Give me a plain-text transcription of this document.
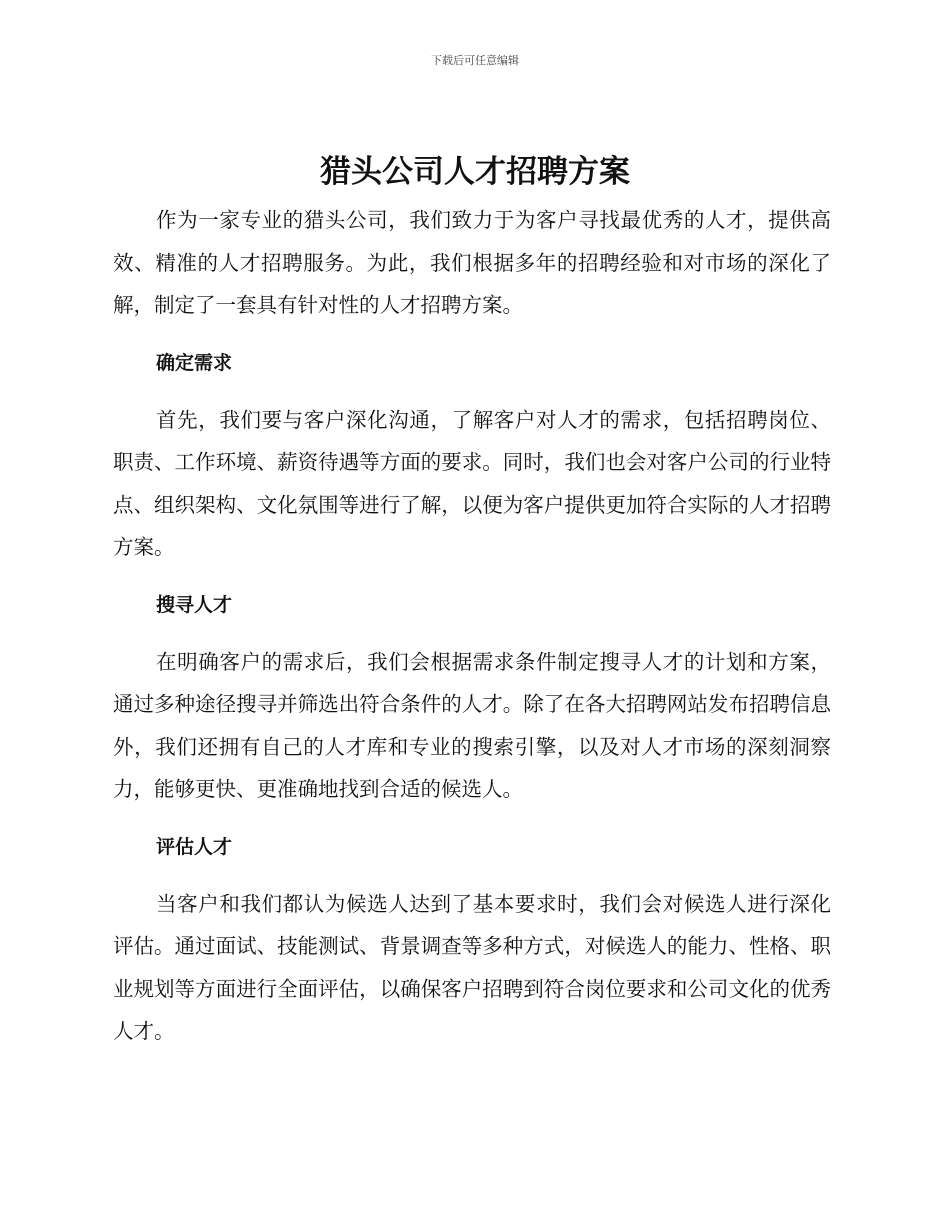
下载后可任意编辑
猎头公司人才招聘方案

作为一家专业的猎头公司，我们致力于为客户寻找最优秀的人才，提供高效、精准的人才招聘服务。为此，我们根据多年的招聘经验和对市场的深化了解，制定了一套具有针对性的人才招聘方案。

确定需求

首先，我们要与客户深化沟通，了解客户对人才的需求，包括招聘岗位、职责、工作环境、薪资待遇等方面的要求。同时，我们也会对客户公司的行业特点、组织架构、文化氛围等进行了解，以便为客户提供更加符合实际的人才招聘方案。

搜寻人才

在明确客户的需求后，我们会根据需求条件制定搜寻人才的计划和方案，通过多种途径搜寻并筛选出符合条件的人才。除了在各大招聘网站发布招聘信息外，我们还拥有自己的人才库和专业的搜索引擎，以及对人才市场的深刻洞察力，能够更快、更准确地找到合适的候选人。

评估人才

当客户和我们都认为候选人达到了基本要求时，我们会对候选人进行深化评估。通过面试、技能测试、背景调查等多种方式，对候选人的能力、性格、职业规划等方面进行全面评估，以确保客户招聘到符合岗位要求和公司文化的优秀人才。
